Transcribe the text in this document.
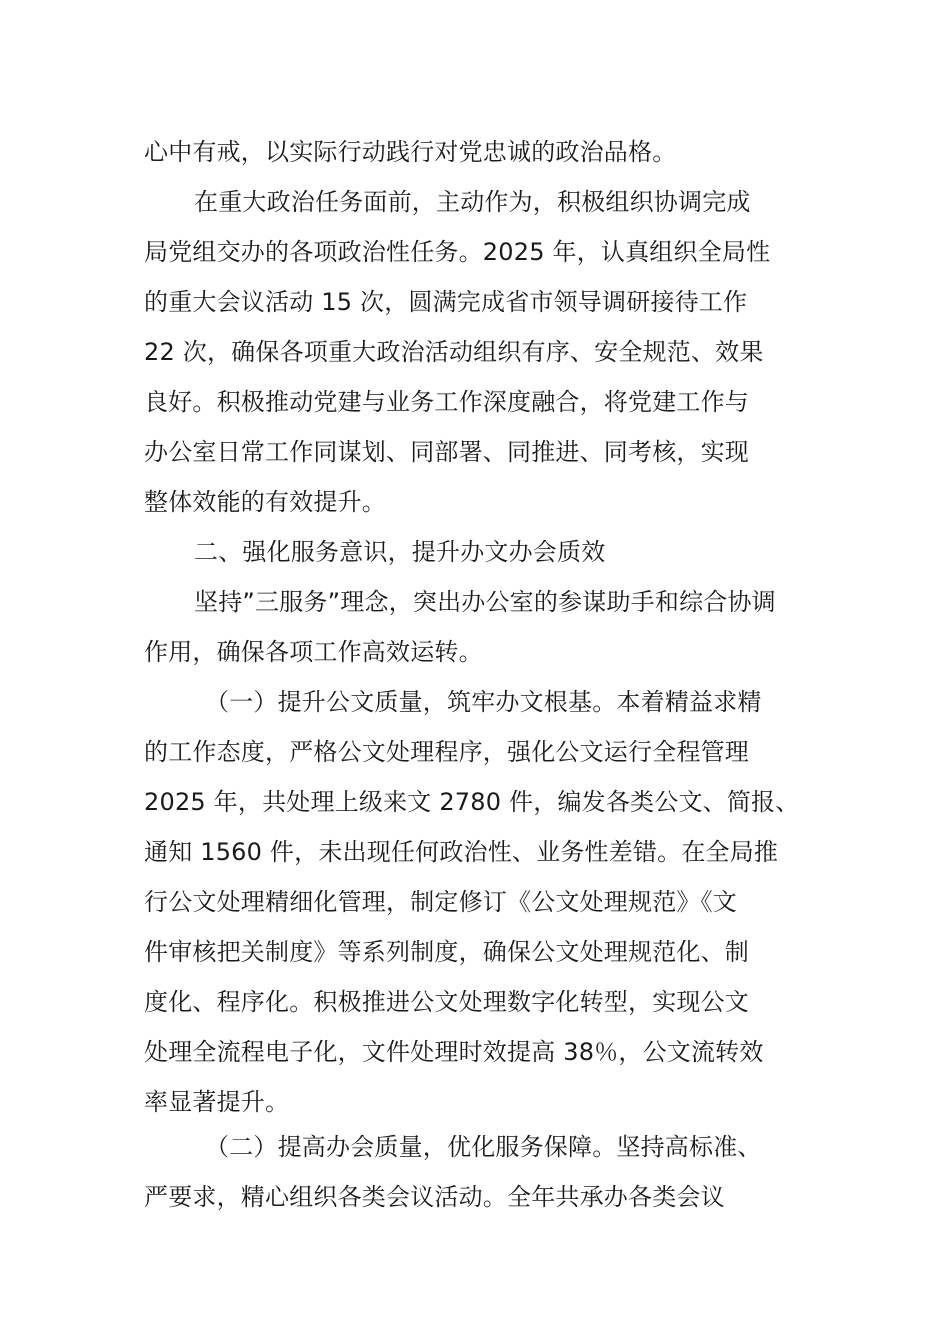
心中有戒，以实际行动践行对党忠诚的政治品格。
在重大政治任务面前，主动作为，积极组织协调完成
局党组交办的各项政治性任务。2025 年，认真组织全局性
的重大会议活动 15 次，圆满完成省市领导调研接待工作
22 次，确保各项重大政治活动组织有序、安全规范、效果
良好。积极推动党建与业务工作深度融合，将党建工作与
办公室日常工作同谋划、同部署、同推进、同考核，实现
整体效能的有效提升。
二、强化服务意识，提升办文办会质效
坚持”三服务”理念，突出办公室的参谋助手和综合协调
作用，确保各项工作高效运转。
（一）提升公文质量，筑牢办文根基。本着精益求精
的工作态度，严格公文处理程序，强化公文运行全程管理
2025 年，共处理上级来文 2780 件，编发各类公文、简报、
通知 1560 件，未出现任何政治性、业务性差错。在全局推
行公文处理精细化管理，制定修订《公文处理规范》《文
件审核把关制度》等系列制度，确保公文处理规范化、制
度化、程序化。积极推进公文处理数字化转型，实现公文
处理全流程电子化，文件处理时效提高 38％，公文流转效
率显著提升。
（二）提高办会质量，优化服务保障。坚持高标准、
严要求，精心组织各类会议活动。全年共承办各类会议
